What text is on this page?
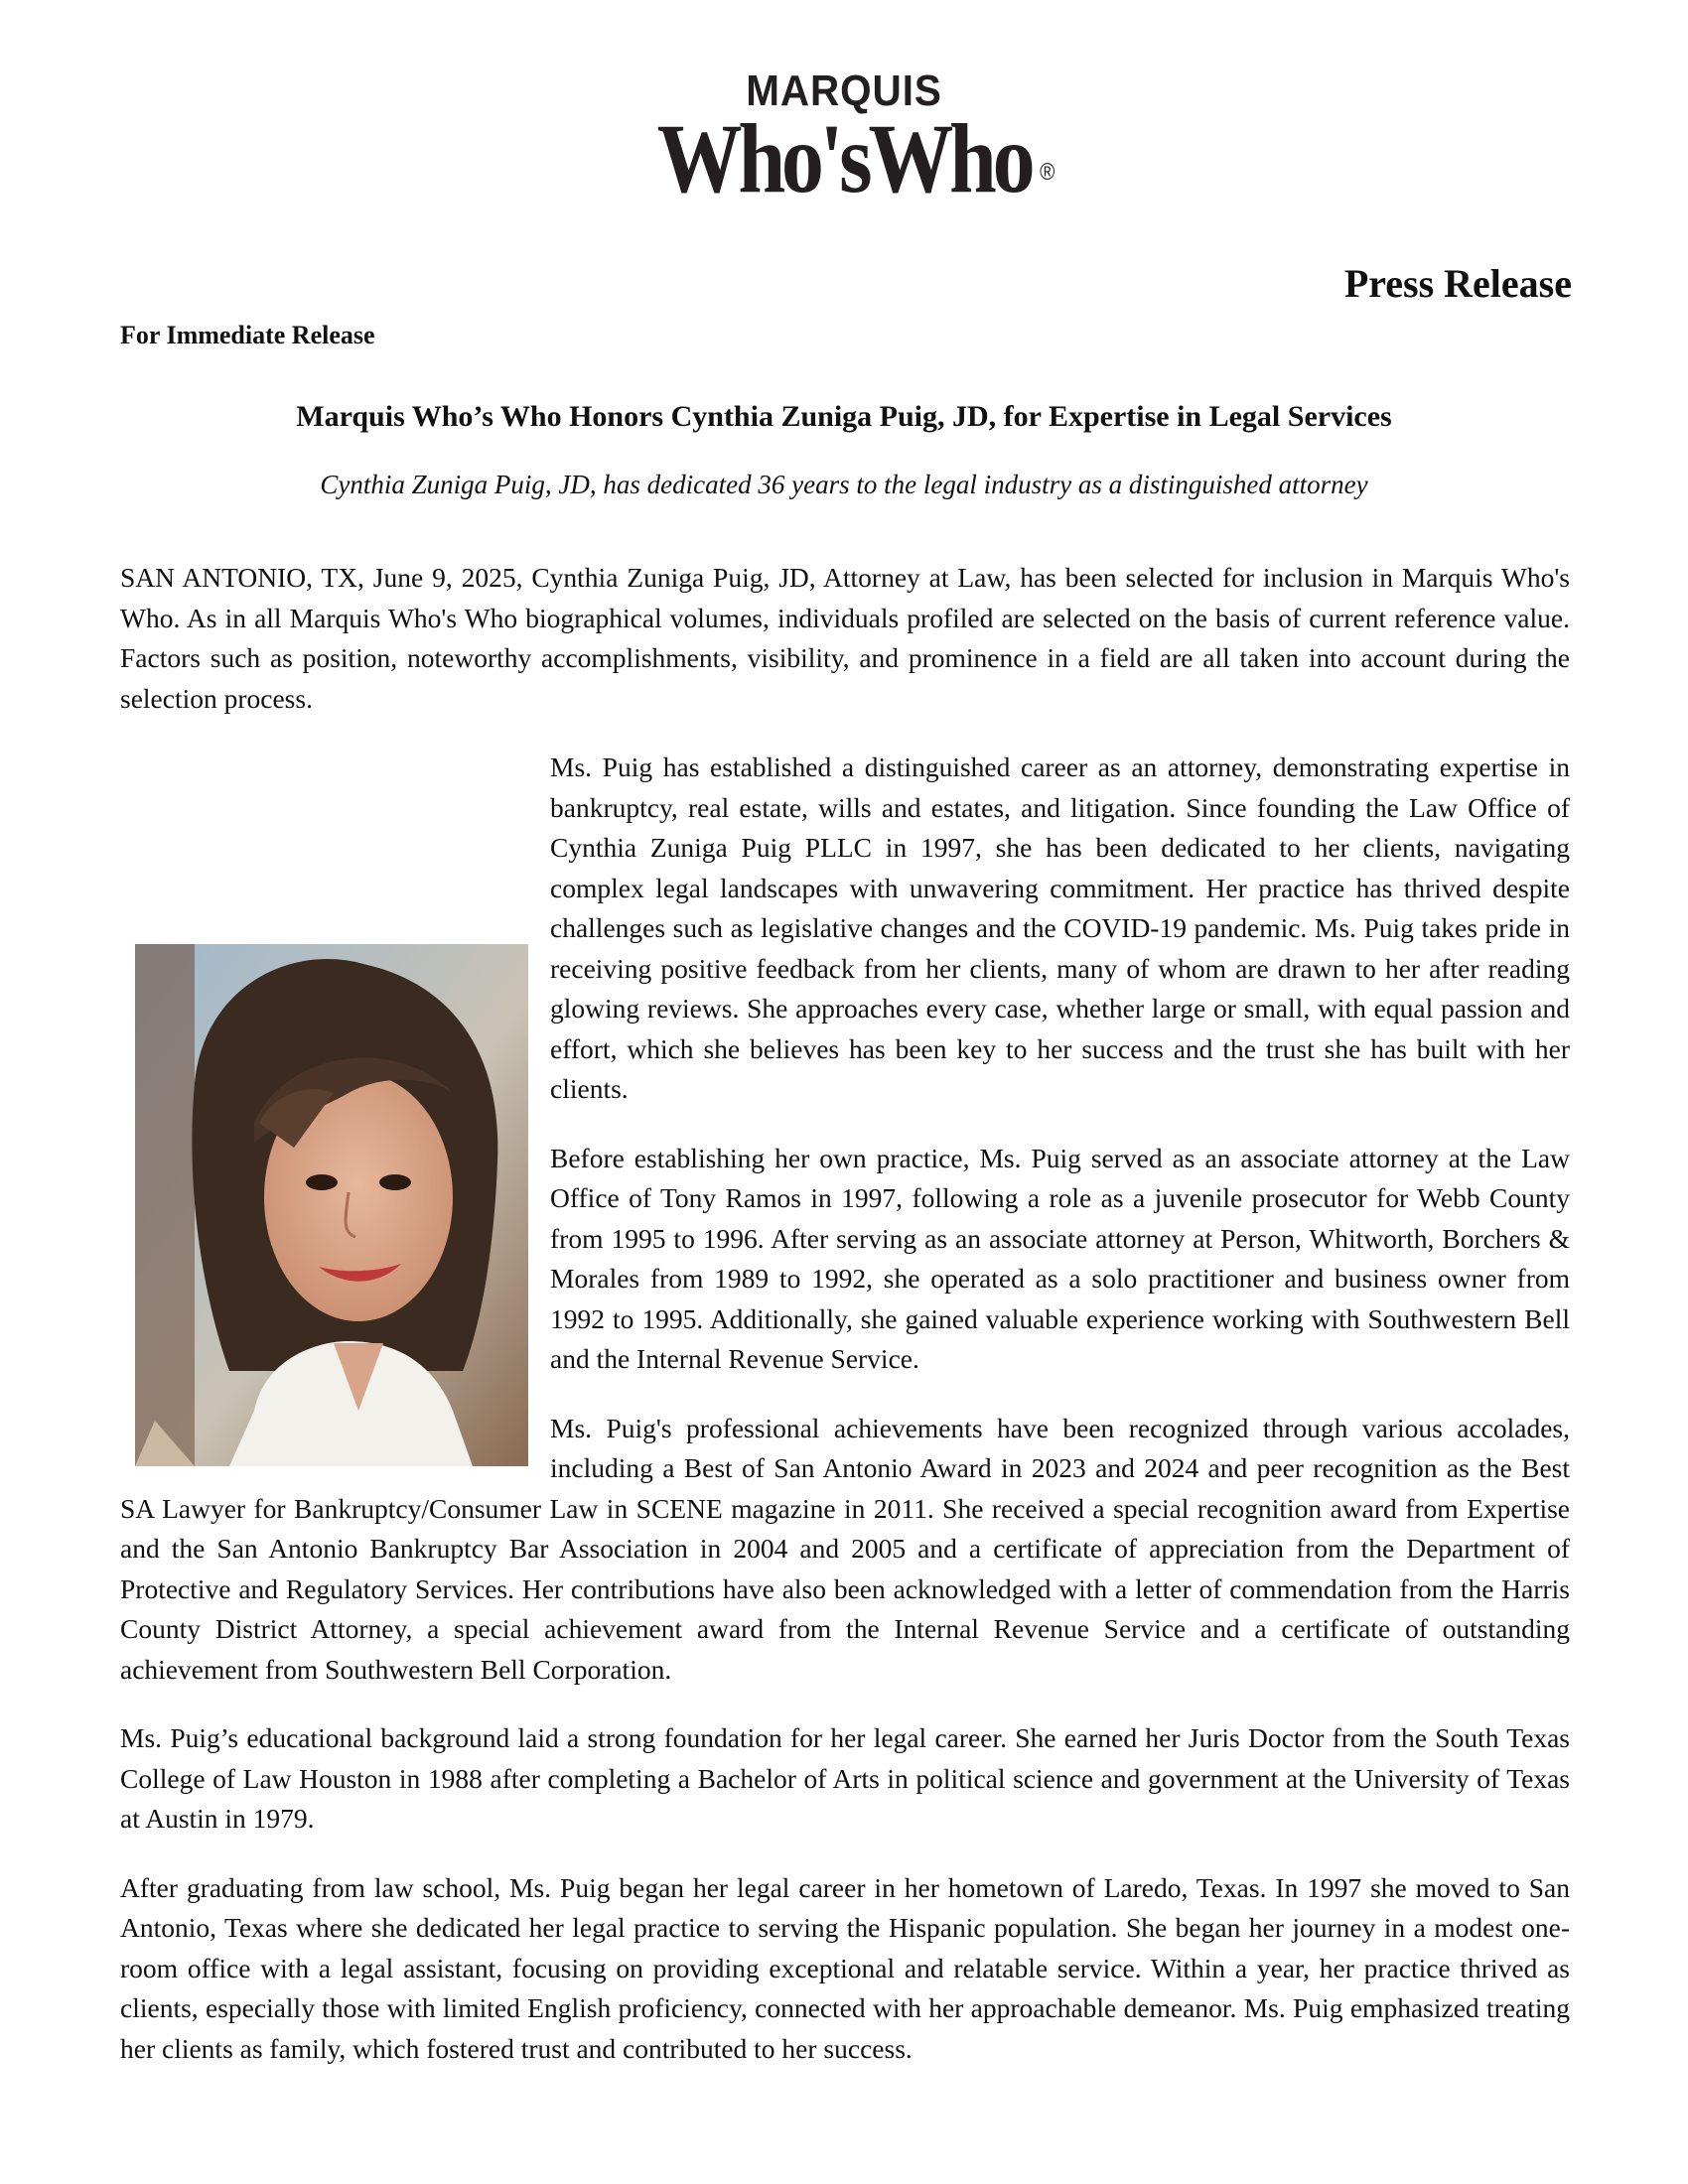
MARQUIS
Who'sWho ®
Press Release
For Immediate Release
Marquis Who’s Who Honors Cynthia Zuniga Puig, JD, for Expertise in Legal Services
Cynthia Zuniga Puig, JD, has dedicated 36 years to the legal industry as a distinguished attorney

SAN ANTONIO, TX, June 9, 2025, Cynthia Zuniga Puig, JD, Attorney at Law, has been selected for inclusion in Marquis Who's Who. As in all Marquis Who's Who biographical volumes, individuals profiled are selected on the basis of current reference value. Factors such as position, noteworthy accomplishments, visibility, and prominence in a field are all taken into account during the selection process.

Ms. Puig has established a distinguished career as an attorney, demonstrating expertise in bankruptcy, real estate, wills and estates, and litigation. Since founding the Law Office of Cynthia Zuniga Puig PLLC in 1997, she has been dedicated to her clients, navigating complex legal landscapes with unwavering commitment. Her practice has thrived despite challenges such as legislative changes and the COVID-19 pandemic. Ms. Puig takes pride in receiving positive feedback from her clients, many of whom are drawn to her after reading glowing reviews. She approaches every case, whether large or small, with equal passion and effort, which she believes has been key to her success and the trust she has built with her clients.

Before establishing her own practice, Ms. Puig served as an associate attorney at the Law Office of Tony Ramos in 1997, following a role as a juvenile prosecutor for Webb County from 1995 to 1996. After serving as an associate attorney at Person, Whitworth, Borchers & Morales from 1989 to 1992, she operated as a solo practitioner and business owner from 1992 to 1995. Additionally, she gained valuable experience working with Southwestern Bell and the Internal Revenue Service.

Ms. Puig's professional achievements have been recognized through various accolades, including a Best of San Antonio Award in 2023 and 2024 and peer recognition as the Best SA Lawyer for Bankruptcy/Consumer Law in SCENE magazine in 2011. She received a special recognition award from Expertise and the San Antonio Bankruptcy Bar Association in 2004 and 2005 and a certificate of appreciation from the Department of Protective and Regulatory Services. Her contributions have also been acknowledged with a letter of commendation from the Harris County District Attorney, a special achievement award from the Internal Revenue Service and a certificate of outstanding achievement from Southwestern Bell Corporation.

Ms. Puig’s educational background laid a strong foundation for her legal career. She earned her Juris Doctor from the South Texas College of Law Houston in 1988 after completing a Bachelor of Arts in political science and government at the University of Texas at Austin in 1979.

After graduating from law school, Ms. Puig began her legal career in her hometown of Laredo, Texas. In 1997 she moved to San Antonio, Texas where she dedicated her legal practice to serving the Hispanic population. She began her journey in a modest one-room office with a legal assistant, focusing on providing exceptional and relatable service. Within a year, her practice thrived as clients, especially those with limited English proficiency, connected with her approachable demeanor. Ms. Puig emphasized treating her clients as family, which fostered trust and contributed to her success.
